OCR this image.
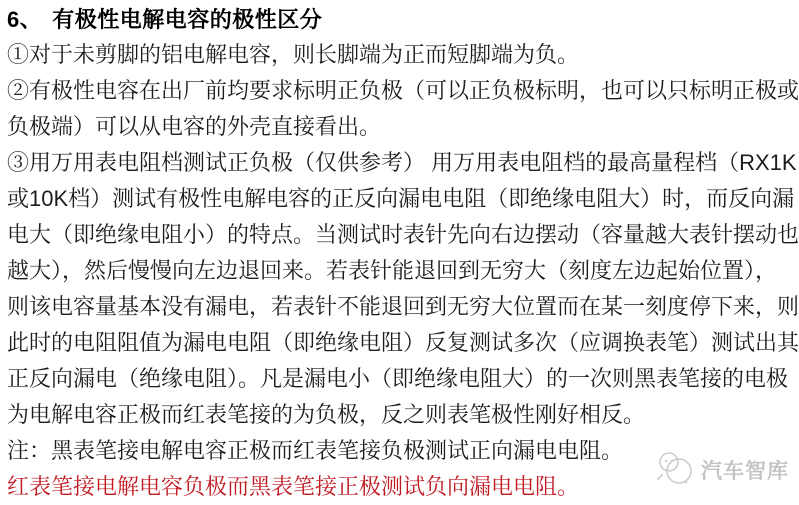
6、 有极性电解电容的极性区分
①对于未剪脚的铝电解电容，则长脚端为正而短脚端为负。
②有极性电容在出厂前均要求标明正负极（可以正负极标明，也可以只标明正极或
负极端）可以从电容的外壳直接看出。
③用万用表电阻档测试正负极（仅供参考） 用万用表电阻档的最高量程档（RX1K
或10K档）测试有极性电解电容的正反向漏电电阻（即绝缘电阻大）时，而反向漏
电大（即绝缘电阻小）的特点。当测试时表针先向右边摆动（容量越大表针摆动也
越大），然后慢慢向左边退回来。若表针能退回到无穷大（刻度左边起始位置），
则该电容量基本没有漏电，若表针不能退回到无穷大位置而在某一刻度停下来，则
此时的电阻阻值为漏电电阻（即绝缘电阻）反复测试多次（应调换表笔）测试出其
正反向漏电（绝缘电阻）。凡是漏电小（即绝缘电阻大）的一次则黑表笔接的电极
为电解电容正极而红表笔接的为负极，反之则表笔极性刚好相反。
注：黑表笔接电解电容正极而红表笔接负极测试正向漏电电阻。
红表笔接电解电容负极而黑表笔接正极测试负向漏电电阻。
汽车智库
